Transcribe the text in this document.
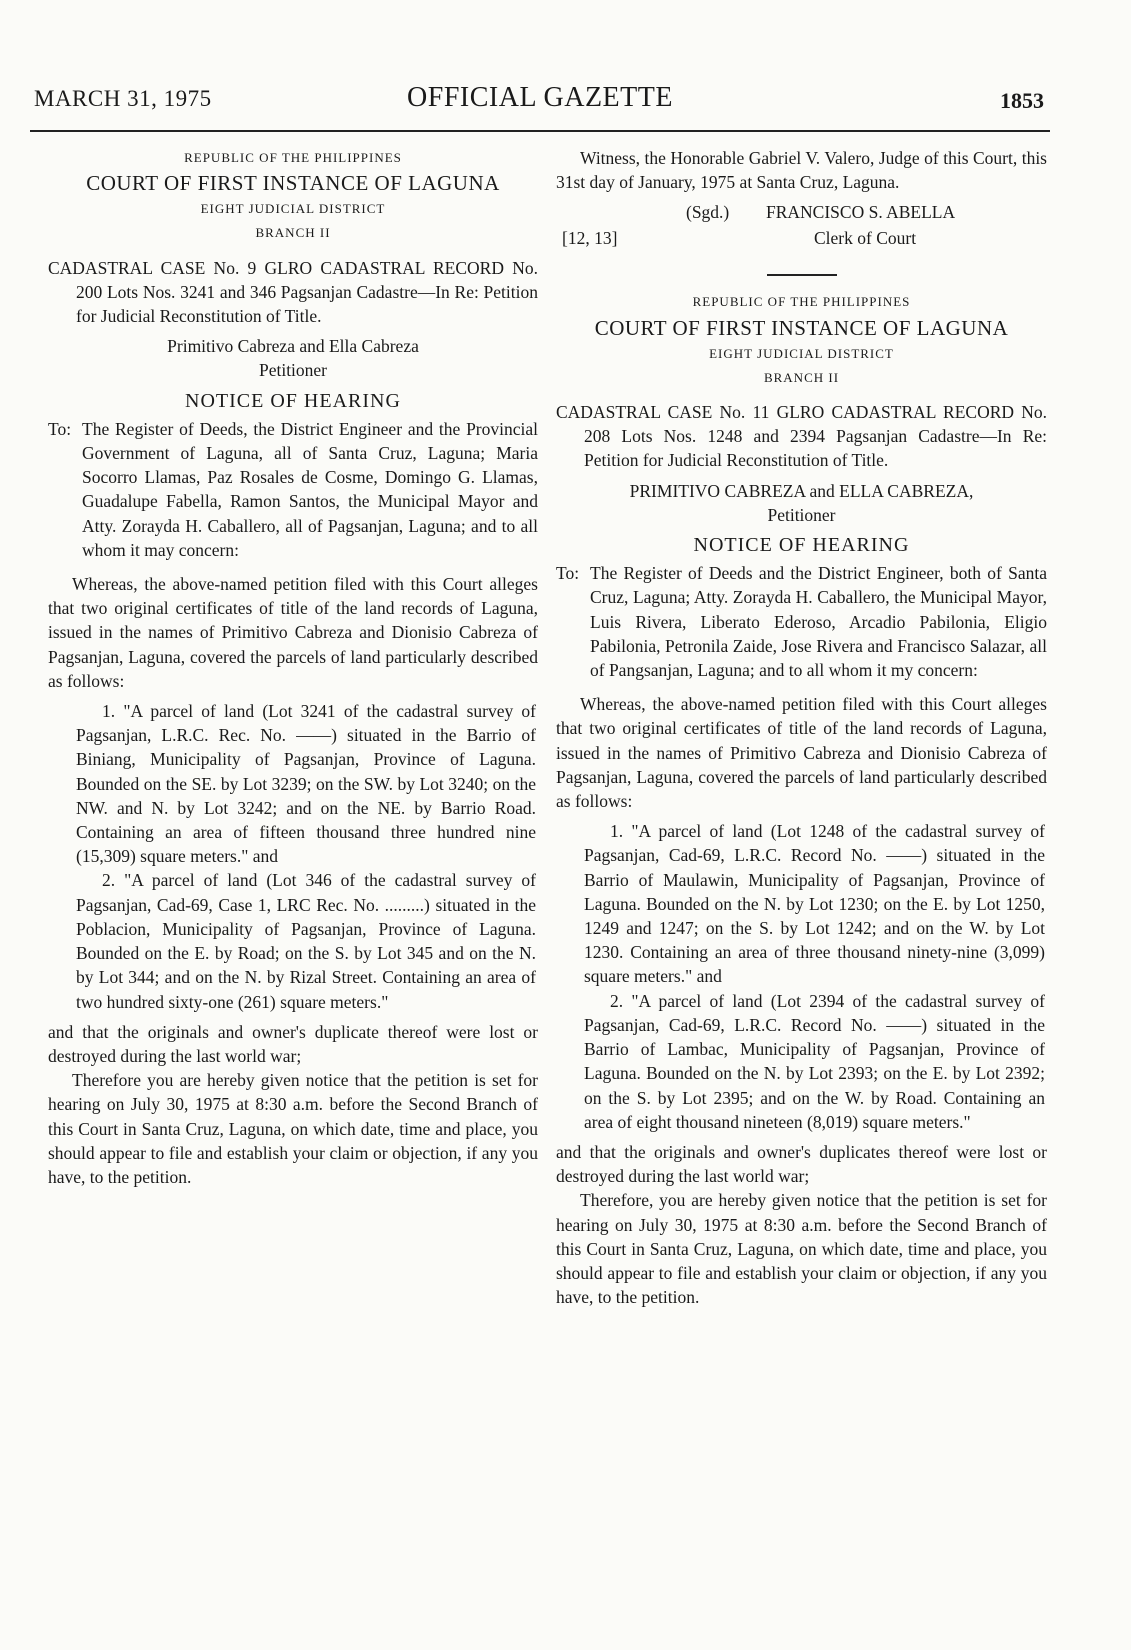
MARCH 31, 1975	OFFICIAL GAZETTE	1853

REPUBLIC OF THE PHILIPPINES

COURT OF FIRST INSTANCE OF LAGUNA

EIGHT JUDICIAL DISTRICT

BRANCH II

CADASTRAL CASE No. 9 GLRO CADASTRAL RECORD No. 200 Lots Nos. 3241 and 346 Pagsanjan Cadastre—In Re: Petition for Judicial Reconstitution of Title.

Primitivo Cabreza and Ella Cabreza

Petitioner

NOTICE OF HEARING

To: The Register of Deeds, the District Engineer and the Provincial Government of Laguna, all of Santa Cruz, Laguna; Maria Socorro Llamas, Paz Rosales de Cosme, Domingo G. Llamas, Guadalupe Fabella, Ramon Santos, the Municipal Mayor and Atty. Zorayda H. Caballero, all of Pagsanjan, Laguna; and to all whom it may concern:

Whereas, the above-named petition filed with this Court alleges that two original certificates of title of the land records of Laguna, issued in the names of Primitivo Cabreza and Dionisio Cabreza of Pagsanjan, Laguna, covered the parcels of land particularly described as follows:

1. "A parcel of land (Lot 3241 of the cadastral survey of Pagsanjan, L.R.C. Rec. No. ——) situated in the Barrio of Biniang, Municipality of Pagsanjan, Province of Laguna. Bounded on the SE. by Lot 3239; on the SW. by Lot 3240; on the NW. and N. by Lot 3242; and on the NE. by Barrio Road. Containing an area of fifteen thousand three hundred nine (15,309) square meters." and

2. "A parcel of land (Lot 346 of the cadastral survey of Pagsanjan, Cad-69, Case 1, LRC Rec. No. .........) situated in the Poblacion, Municipality of Pagsanjan, Province of Laguna. Bounded on the E. by Road; on the S. by Lot 345 and on the N. by Lot 344; and on the N. by Rizal Street. Containing an area of two hundred sixty-one (261) square meters."

and that the originals and owner's duplicate thereof were lost or destroyed during the last world war;

Therefore you are hereby given notice that the petition is set for hearing on July 30, 1975 at 8:30 a.m. before the Second Branch of this Court in Santa Cruz, Laguna, on which date, time and place, you should appear to file and establish your claim or objection, if any you have, to the petition.

Witness, the Honorable Gabriel V. Valero, Judge of this Court, this 31st day of January, 1975 at Santa Cruz, Laguna.

(Sgd.) FRANCISCO S. ABELLA
[12, 13]	Clerk of Court

REPUBLIC OF THE PHILIPPINES

COURT OF FIRST INSTANCE OF LAGUNA

EIGHT JUDICIAL DISTRICT

BRANCH II

CADASTRAL CASE No. 11 GLRO CADASTRAL RECORD No. 208 Lots Nos. 1248 and 2394 Pagsanjan Cadastre—In Re: Petition for Judicial Reconstitution of Title.

PRIMITIVO CABREZA and ELLA CABREZA,

Petitioner

NOTICE OF HEARING

To: The Register of Deeds and the District Engineer, both of Santa Cruz, Laguna; Atty. Zorayda H. Caballero, the Municipal Mayor, Luis Rivera, Liberato Ederoso, Arcadio Pabilonia, Eligio Pabilonia, Petronila Zaide, Jose Rivera and Francisco Salazar, all of Pangsanjan, Laguna; and to all whom it my concern:

Whereas, the above-named petition filed with this Court alleges that two original certificates of title of the land records of Laguna, issued in the names of Primitivo Cabreza and Dionisio Cabreza of Pagsanjan, Laguna, covered the parcels of land particularly described as follows:

1. "A parcel of land (Lot 1248 of the cadastral survey of Pagsanjan, Cad-69, L.R.C. Record No. ——) situated in the Barrio of Maulawin, Municipality of Pagsanjan, Province of Laguna. Bounded on the N. by Lot 1230; on the E. by Lot 1250, 1249 and 1247; on the S. by Lot 1242; and on the W. by Lot 1230. Containing an area of three thousand ninety-nine (3,099) square meters." and

2. "A parcel of land (Lot 2394 of the cadastral survey of Pagsanjan, Cad-69, L.R.C. Record No. ——) situated in the Barrio of Lambac, Municipality of Pagsanjan, Province of Laguna. Bounded on the N. by Lot 2393; on the E. by Lot 2392; on the S. by Lot 2395; and on the W. by Road. Containing an area of eight thousand nineteen (8,019) square meters."

and that the originals and owner's duplicates thereof were lost or destroyed during the last world war;

Therefore, you are hereby given notice that the petition is set for hearing on July 30, 1975 at 8:30 a.m. before the Second Branch of this Court in Santa Cruz, Laguna, on which date, time and place, you should appear to file and establish your claim or objection, if any you have, to the petition.
